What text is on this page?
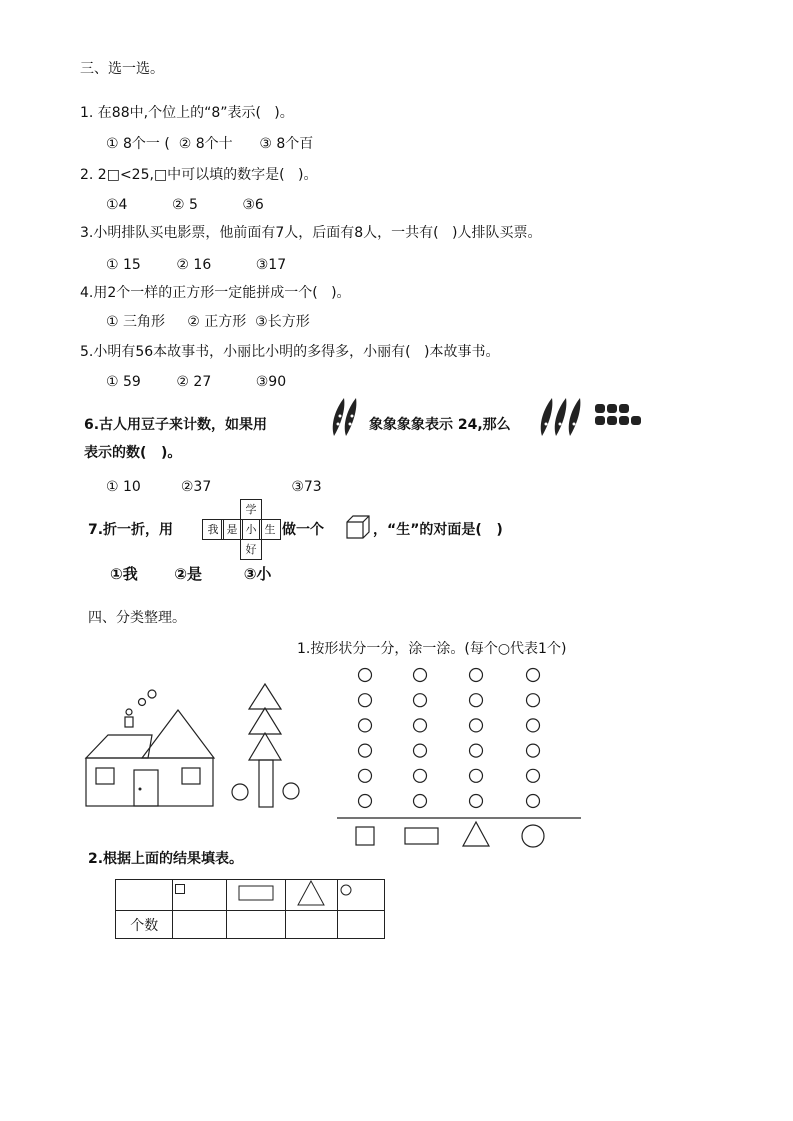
三、选一选。
1. 在88中,个位上的“8”表示(   )。
① 8个一 (  ② 8个十      ③ 8个百
2. 2□<25,□中可以填的数字是(   )。
①4          ② 5          ③6
3.小明排队买电影票，他前面有7人，后面有8人，一共有(   )人排队买票。
① 15        ② 16          ③17
4.用2个一样的正方形一定能拼成一个(   )。
① 三角形     ② 正方形  ③长方形
5.小明有56本故事书，小丽比小明的多得多，小丽有(   )本故事书。
① 59        ② 27          ③90
6.古人用豆子来计数，如果用	象象象象表示 24,那么
表示的数(   )。
① 10         ②37                  ③73
7.折一折，用
学
我 是 小 生
好
做一个	，“生”的对面是(   )
①我       ②是        ③小
四、分类整理。
1.按形状分一分，涂一涂。(每个○代表1个)
2.根据上面的结果填表。

个数				
